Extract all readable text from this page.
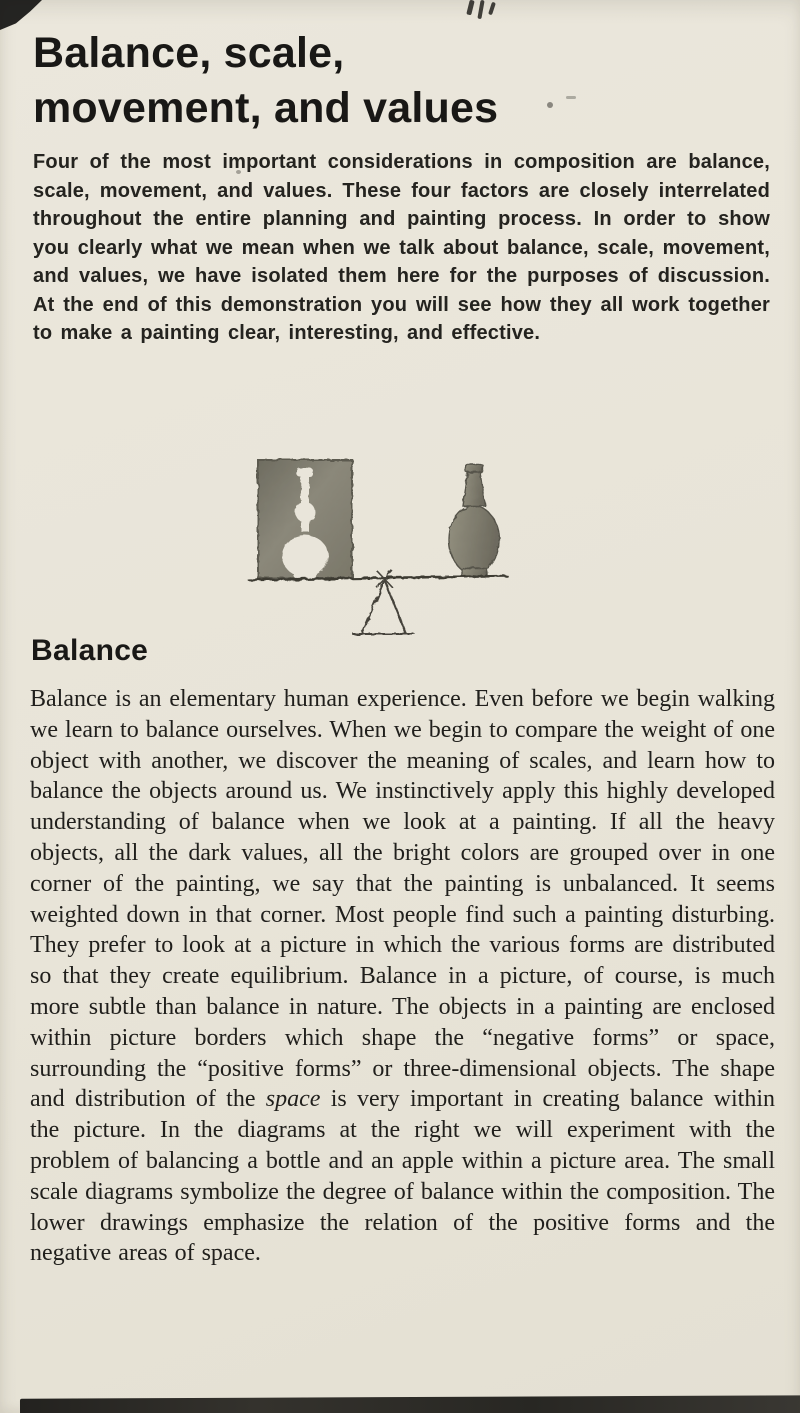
Balance, scale,
movement, and values

Four of the most important considerations in composition are balance, scale, movement, and values. These four factors are closely interrelated throughout the entire planning and painting process. In order to show you clearly what we mean when we talk about balance, scale, movement, and values, we have isolated them here for the purposes of discussion. At the end of this demonstration you will see how they all work together to make a painting clear, interesting, and effective.

Balance

Balance is an elementary human experience. Even before we begin walking we learn to balance ourselves. When we begin to compare the weight of one object with another, we discover the meaning of scales, and learn how to balance the objects around us. We instinctively apply this highly developed understanding of balance when we look at a painting. If all the heavy objects, all the dark values, all the bright colors are grouped over in one corner of the painting, we say that the painting is unbalanced. It seems weighted down in that corner. Most people find such a painting disturbing. They prefer to look at a picture in which the various forms are distributed so that they create equilibrium. Balance in a picture, of course, is much more subtle than balance in nature. The objects in a painting are enclosed within picture borders which shape the “negative forms” or space, surrounding the “positive forms” or three-dimensional objects. The shape and distribution of the space is very important in creating balance within the picture. In the diagrams at the right we will experiment with the problem of balancing a bottle and an apple within a picture area. The small scale diagrams symbolize the degree of balance within the composition. The lower drawings emphasize the relation of the positive forms and the negative areas of space.
